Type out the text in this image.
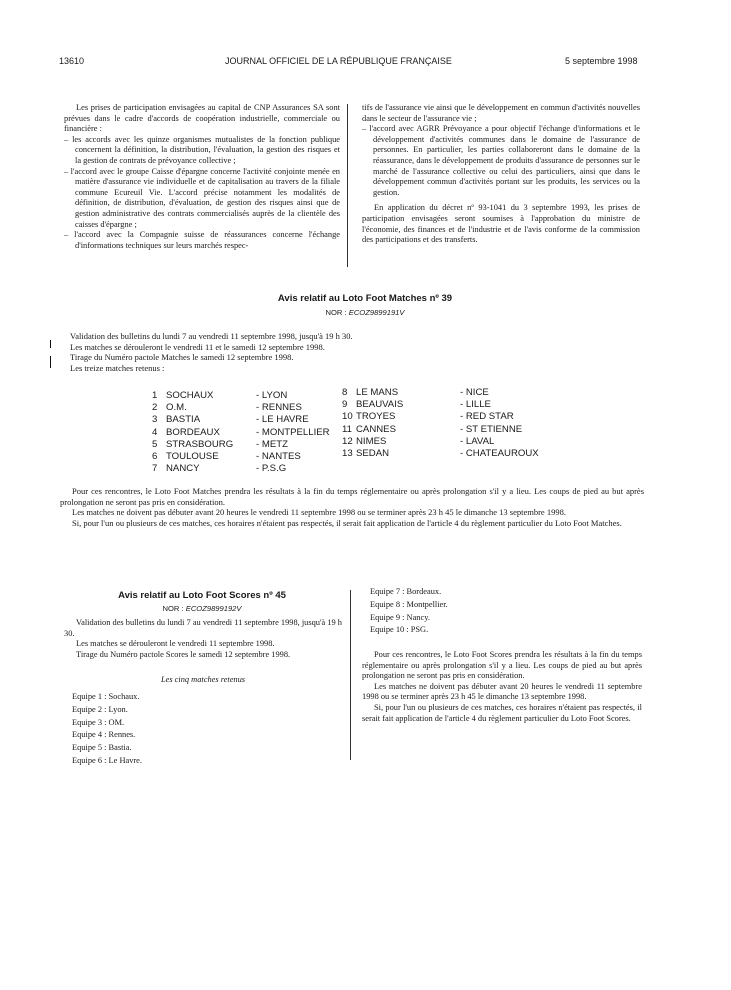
13610	JOURNAL OFFICIEL DE LA RÉPUBLIQUE FRANÇAISE	5 septembre 1998

Les prises de participation envisagées au capital de CNP Assurances SA sont prévues dans le cadre d'accords de coopération industrielle, commerciale ou financière :

– les accords avec les quinze organismes mutualistes de la fonction publique concernent la définition, la distribution, l'évaluation, la gestion des risques et la gestion de contrats de prévoyance collective ;
– l'accord avec le groupe Caisse d'épargne concerne l'activité conjointe menée en matière d'assurance vie individuelle et de capitalisation au travers de la filiale commune Ecureuil Vie. L'accord précise notamment les modalités de définition, de distribution, d'évaluation, de gestion des risques ainsi que de gestion administrative des contrats commercialisés auprès de la clientèle des caisses d'épargne ;
– l'accord avec la Compagnie suisse de réassurances concerne l'échange d'informations techniques sur leurs marchés respec-

tifs de l'assurance vie ainsi que le développement en commun d'activités nouvelles dans le secteur de l'assurance vie ;

– l'accord avec AGRR Prévoyance a pour objectif l'échange d'informations et le développement d'activités communes dans le domaine de l'assurance de personnes. En particulier, les parties collaboreront dans le domaine de la réassurance, dans le développement de produits d'assurance de personnes sur le marché de l'assurance collective ou celui des particuliers, ainsi que dans le développement commun d'activités portant sur les produits, les services ou la gestion.

En application du décret nº 93-1041 du 3 septembre 1993, les prises de participation envisagées seront soumises à l'approbation du ministre de l'économie, des finances et de l'industrie et de l'avis conforme de la commission des participations et des transferts.

Avis relatif au Loto Foot Matches nº 39
NOR : ECOZ9899191V

Validation des bulletins du lundi 7 au vendredi 11 septembre 1998, jusqu'à 19 h 30.

Les matches se dérouleront le vendredi 11 et le samedi 12 septembre 1998.

Tirage du Numéro pactole Matches le samedi 12 septembre 1998.

Les treize matches retenus :

1	SOCHAUX	- LYON
2	O.M.	- RENNES
3	BASTIA	- LE HAVRE
4	BORDEAUX	- MONTPELLIER
5	STRASBOURG	- METZ
6	TOULOUSE	- NANTES
7	NANCY	- P.S.G
8	LE MANS	- NICE
9	BEAUVAIS	- LILLE
10	TROYES	- RED STAR
11	CANNES	- ST ETIENNE
12	NIMES	- LAVAL
13	SEDAN	- CHATEAUROUX

Pour ces rencontres, le Loto Foot Matches prendra les résultats à la fin du temps réglementaire ou après prolongation s'il y a lieu. Les coups de pied au but après prolongation ne seront pas pris en considération.

Les matches ne doivent pas débuter avant 20 heures le vendredi 11 septembre 1998 ou se terminer après 23 h 45 le dimanche 13 septembre 1998.

Si, pour l'un ou plusieurs de ces matches, ces horaires n'étaient pas respectés, il serait fait application de l'article 4 du règlement particulier du Loto Foot Matches.

Avis relatif au Loto Foot Scores nº 45
NOR : ECOZ9899192V

Validation des bulletins du lundi 7 au vendredi 11 septembre 1998, jusqu'à 19 h 30.

Les matches se dérouleront le vendredi 11 septembre 1998.

Tirage du Numéro pactole Scores le samedi 12 septembre 1998.

Les cinq matches retenus
Equipe 1 : Sochaux.
Equipe 2 : Lyon.
Equipe 3 : OM.
Equipe 4 : Rennes.
Equipe 5 : Bastia.
Equipe 6 : Le Havre.
Equipe 7 : Bordeaux.
Equipe 8 : Montpellier.
Equipe 9 : Nancy.
Equipe 10 : PSG.

Pour ces rencontres, le Loto Foot Scores prendra les résultats à la fin du temps réglementaire ou après prolongation s'il y a lieu. Les coups de pied au but après prolongation ne seront pas pris en considération.

Les matches ne doivent pas débuter avant 20 heures le vendredi 11 septembre 1998 ou se terminer après 23 h 45 le dimanche 13 septembre 1998.

Si, pour l'un ou plusieurs de ces matches, ces horaires n'étaient pas respectés, il serait fait application de l'article 4 du règlement particulier du Loto Foot Scores.
